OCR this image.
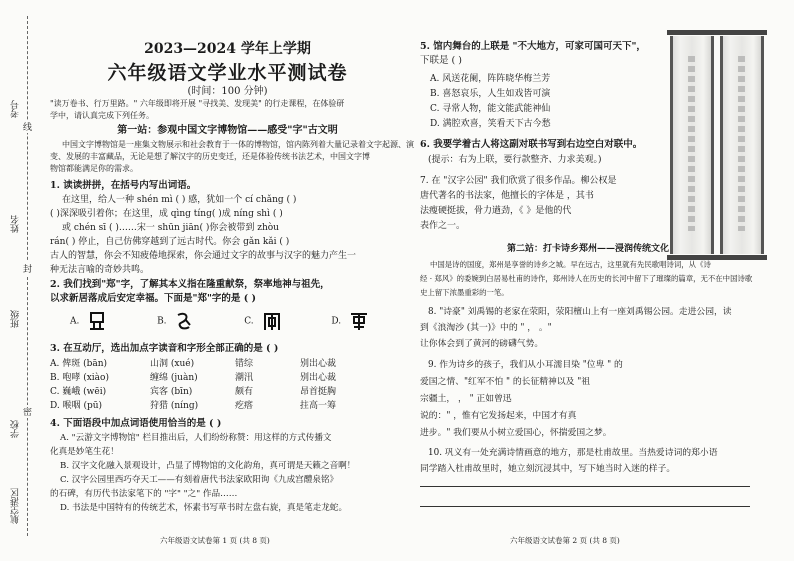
考号
姓名
班级
学校
航空港区
线
封
密
2023—2024 学年上学期
六年级语文学业水平测试卷
(时间：100 分钟)
"读万卷书、行万里路。" 六年级即将开展 "寻找美、发现美" 的行走课程，在体验研
学中，请认真完成下列任务。
第一站：参观中国文字博物馆——感受"字"古文明
中国文字博物馆是一座集文物展示和社会教育于一体的博物馆，馆内陈列着大量记录着文字起源、演
变、发展的丰富藏品，无论是想了解汉字的历史变迁，还是体验传统书法艺术，中国文字博
物馆都能满足你的需求。
1. 读读拼拼，在括号内写出词语。
在这里，给人一种 shén mì ( ) 感，犹如一个 cí chǎng ( )
( )深深吸引着你；在这里，成 qìng tíng( )成 níng shì ( )
或 chén sī ( )……宋一 shūn jiān( )你会被带到 zhòu
rán( ) 停止，自己仿佛穿越到了远古时代。你会 gǎn kǎi ( )
古人的智慧，你会不知疲倦地探索，你会通过文字的故事与汉字的魅力产生一
种无法言喻的奇妙共鸣。
2. 我们找到"郑"字，了解其本义指在隆重献祭，祭率地神与祖先，
以求新居落成后安定幸福。下面是"郑"字的是 ( )
A.	B.	C.	D.
3. 在互动厅，选出加点字读音和字形全部正确的是 ( )
A. 俾斑 (bān)	山洞 (xué)	错综	别出心裁
B. 咆哮 (xiào)	缠绵 (juàn)	潮汛	别出心裁
C. 巍峨 (wēi)	宾客 (bīn)	颇有	昂首挺胸
D. 喉咽 (pū)	狩猎 (níng)	疙瘩	拄高一筹
4. 下面语段中加点词语使用恰当的是 ( )
A. "云游文字博物馆" 栏目推出后，人们纷纷称赞：用这样的方式传播文
化真是妙笔生花！
B. 汉字文化融入景观设计，凸显了博物馆的文化韵角，真可谓是天籁之音啊！
C. 汉字公园里西巧夺天工——有刻着唐代书法家欧阳询《九成宫醴泉铭》
的石碑，有历代书法家笔下的 "字" "之" 作品……
D. 书法是中国特有的传统艺术，怀素书写草书时左盘右旋，真是笔走龙蛇。
六年级语文试卷第 1 页 (共 8 页)
5. 馆内舞台的上联是 "不大地方，可家可国可天下"，
下联是 ( )
A. 风送花阑，阵阵晓华梅兰芳
B. 喜怒哀乐，人生如戏皆可演
C. 寻常人物，能文能武能神仙
D. 满腔欢喜，笑看天下古今愁
6. 我要学着古人将这副对联书写到右边空白对联中。
(提示：右为上联，要行款整齐、力求美观。)
7. 在 "汉字公园" 我们欣赏了很多作品。柳公权是
唐代著名的书法家，他擅长的字体是 ，其书
法瘦硬挺拔，骨力遒劲，《 》是他的代
表作之一。
第二站：打卡诗乡郑州——浸润传统文化
中国是诗的国度，郑州是享誉的诗乡之城。早在远古，这里就有先民歌唱诗词，从《诗
经 · 郑风》的委婉到白居易杜甫的诗作，郑州诗人在历史的长河中留下了璀璨的篇章，无不在中国诗歌
史上留下浓墨重彩的一笔。
8. "诗豪" 刘禹锡的老家在荥阳，荥阳檀山上有一座刘禹锡公园。走进公园，读
到《浪淘沙 (其一)》中的 " ， 。"
让你体会到了黄河的磅礴气势。
9. 作为诗乡的孩子，我们从小耳濡目染 "位卑 " 的
爱国之情、"红军不怕 " 的长征精神以及 "祖
宗疆土， ， " 正如曾迅
说的：" ，惟有它发扬起来，中国才有真
进步。" 我们要从小树立爱国心，怀揣爱国之梦。
10. 巩义有一处充满诗情画意的地方，那是杜甫故里。当热爱诗词的郑小语
同学踏入杜甫故里时，她立刻沉浸其中，写下她当时入迷的样子。
六年级语文试卷第 2 页 (共 8 页)
